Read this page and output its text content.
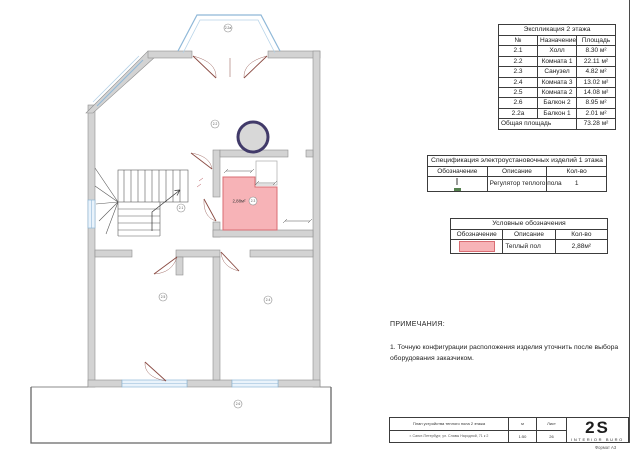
2,88м²
2.2а
2.2
2.1
2.3
2.5
2.4
2.6
Экспликация 2 этажа		
№	Назначение	Площадь
2.1	Холл	8.30 м²
2.2	Комната 1	22.11 м²
2.3	Санузел	4.82 м²
2.4	Комната 3	13.02 м²
2.5	Комната 2	14.08 м²
2.6	Балкон 2	8.95 м²
2.2а	Балкон 1	2.01 м²
Общая площадь		73.28 м²
Спецификация электроустановочных изделий 1 этажа		
Обозначение	Описание	Кол-во

	Регулятор теплого пола	1
Условные обозначения		
Обозначение	Описание	Кол-во

	Теплый пол	2,88м²
ПРИМЕЧАНИЯ:
1. Точную конфигурации расположения изделия уточнить после выбора оборудования заказчиком.
План устройства теплого пола 2 этажа
г. Санкт-Петербург, ул. Славы Народной, 71 к 2
м
1:50
Лист
26	2S
INTERIOR BURO
Формат А3
